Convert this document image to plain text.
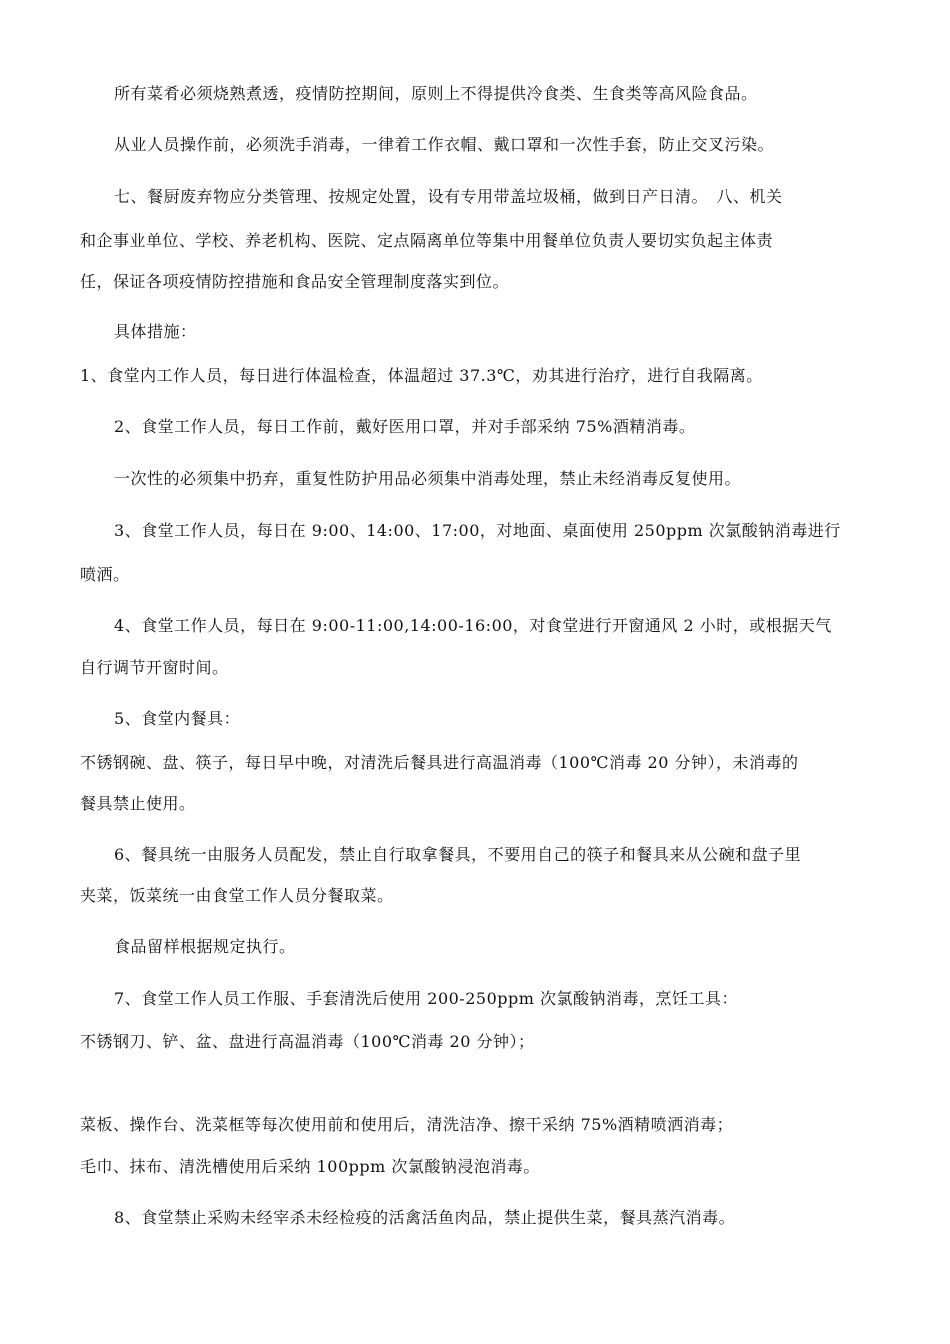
所有菜肴必须烧熟煮透，疫情防控期间，原则上不得提供冷食类、生食类等高风险食品。
从业人员操作前，必须洗手消毒，一律着工作衣帽、戴口罩和一次性手套，防止交叉污染。
七、餐厨废弃物应分类管理、按规定处置，设有专用带盖垃圾桶，做到日产日清。　八、机关
和企事业单位、学校、养老机构、医院、定点隔离单位等集中用餐单位负责人要切实负起主体责
任，保证各项疫情防控措施和食品安全管理制度落实到位。
具体措施：
1、食堂内工作人员，每日进行体温检查，体温超过 37.3℃，劝其进行治疗，进行自我隔离。
2、食堂工作人员，每日工作前，戴好医用口罩，并对手部采纳 75%酒精消毒。
一次性的必须集中扔弃，重复性防护用品必须集中消毒处理，禁止未经消毒反复使用。
3、食堂工作人员，每日在 9:00、14:00、17:00，对地面、桌面使用 250ppm 次氯酸钠消毒进行
喷洒。
4、食堂工作人员，每日在 9:00-11:00,14:00-16:00，对食堂进行开窗通风 2 小时，或根据天气
自行调节开窗时间。
5、食堂内餐具：
不锈钢碗、盘、筷子，每日早中晚，对清洗后餐具进行高温消毒（100℃消毒 20 分钟），未消毒的
餐具禁止使用。
6、餐具统一由服务人员配发，禁止自行取拿餐具，不要用自己的筷子和餐具来从公碗和盘子里
夹菜，饭菜统一由食堂工作人员分餐取菜。
食品留样根据规定执行。
7、食堂工作人员工作服、手套清洗后使用 200-250ppm 次氯酸钠消毒，烹饪工具：
不锈钢刀、铲、盆、盘进行高温消毒（100℃消毒 20 分钟）；
菜板、操作台、洗菜框等每次使用前和使用后，清洗洁净、擦干采纳 75%酒精喷洒消毒；
毛巾、抹布、清洗槽使用后采纳 100ppm 次氯酸钠浸泡消毒。
8、食堂禁止采购未经宰杀未经检疫的活禽活鱼肉品，禁止提供生菜，餐具蒸汽消毒。
